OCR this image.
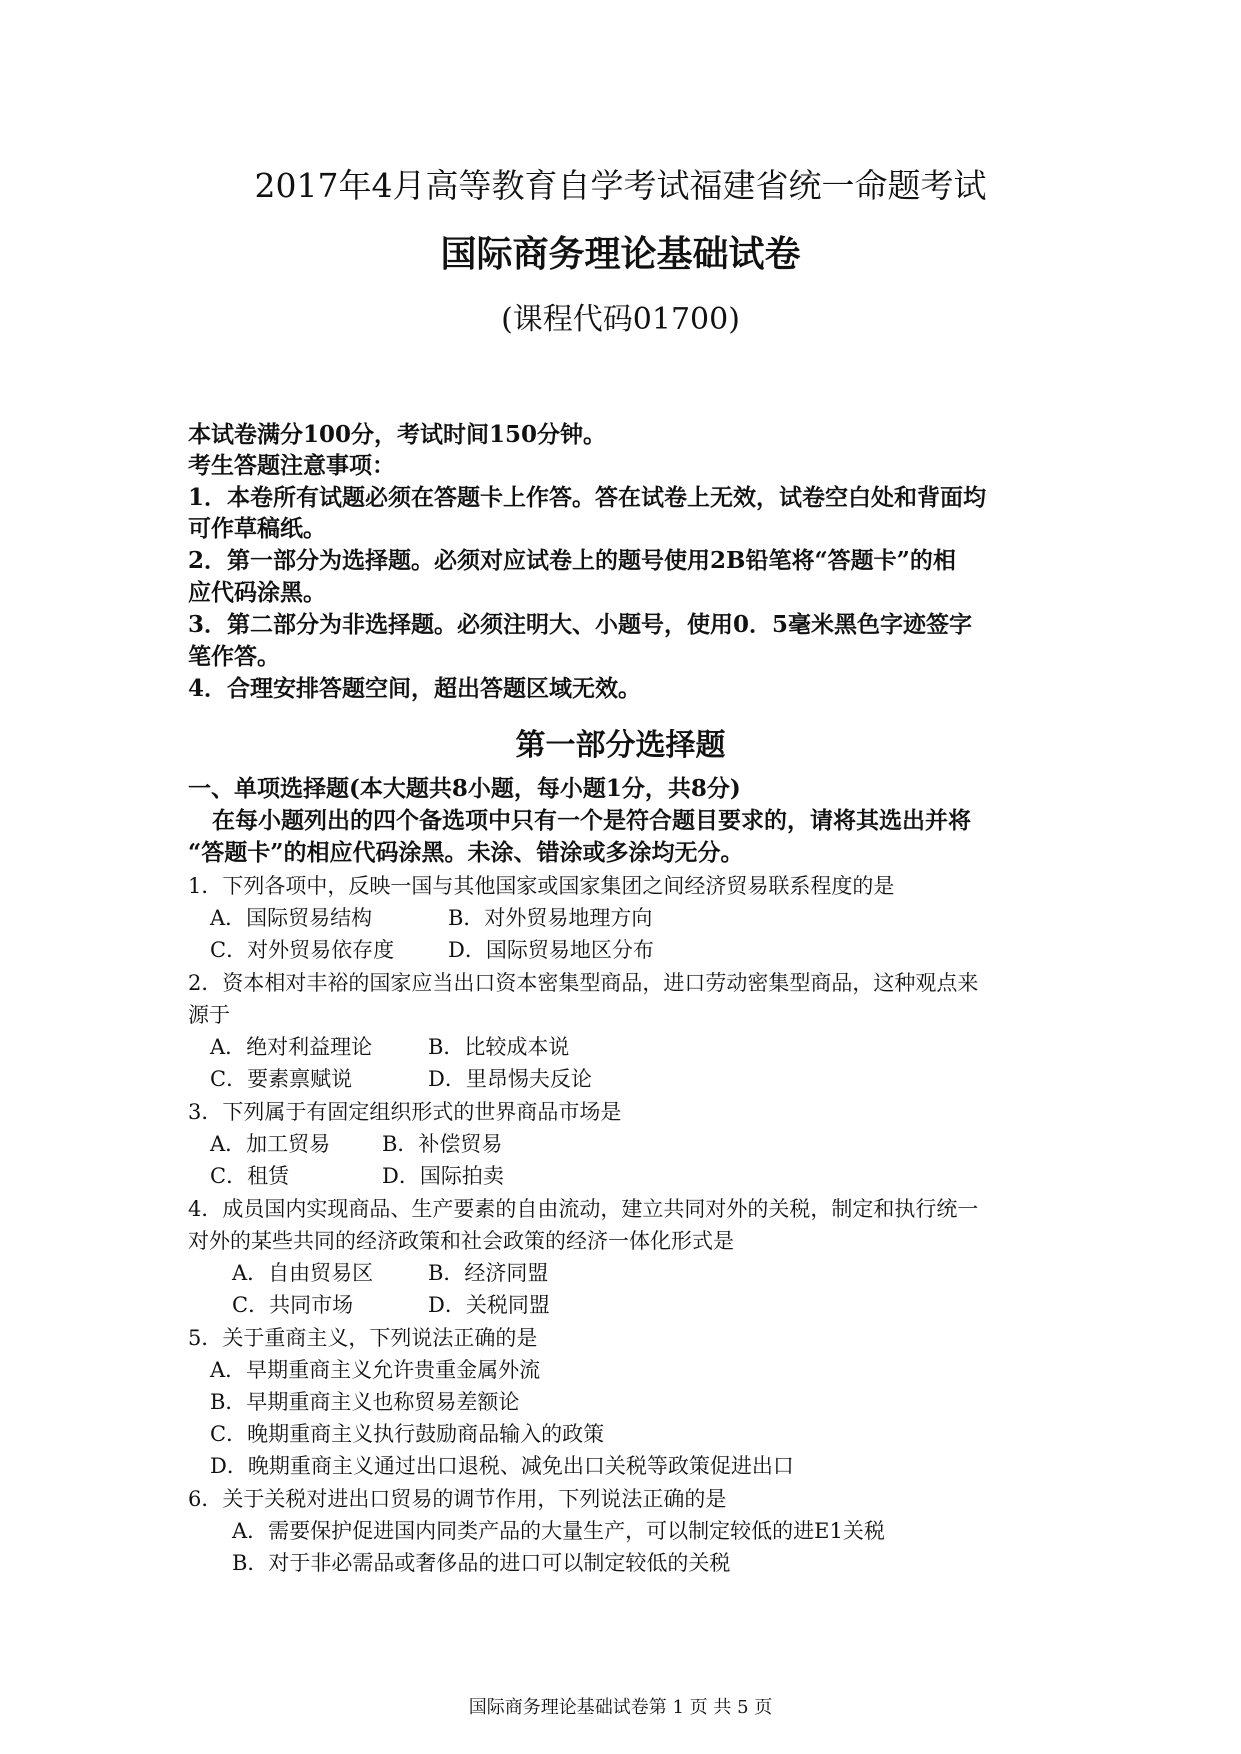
2017年4月高等教育自学考试福建省统一命题考试
国际商务理论基础试卷
(课程代码01700)
本试卷满分100分，考试时间150分钟。
考生答题注意事项：
1．本卷所有试题必须在答题卡上作答。答在试卷上无效，试卷空白处和背面均
可作草稿纸。
2．第一部分为选择题。必须对应试卷上的题号使用2B铅笔将“答题卡”的相
应代码涂黑。
3．第二部分为非选择题。必须注明大、小题号，使用0．5毫米黑色字迹签字
笔作答。
4．合理安排答题空间，超出答题区域无效。
第一部分选择题
一、单项选择题(本大题共8小题，每小题1分，共8分)
在每小题列出的四个备选项中只有一个是符合题目要求的，请将其选出并将
“答题卡”的相应代码涂黑。未涂、错涂或多涂均无分。
1．下列各项中，反映一国与其他国家或国家集团之间经济贸易联系程度的是
A．国际贸易结构	B．对外贸易地理方向
C．对外贸易依存度	D．国际贸易地区分布
2．资本相对丰裕的国家应当出口资本密集型商品，进口劳动密集型商品，这种观点来
源于
A．绝对利益理论	B．比较成本说
C．要素禀赋说	D．里昂惕夫反论
3．下列属于有固定组织形式的世界商品市场是
A．加工贸易 B．补偿贸易
C．租赁	D．国际拍卖
4．成员国内实现商品、生产要素的自由流动，建立共同对外的关税，制定和执行统一
对外的某些共同的经济政策和社会政策的经济一体化形式是
A．自由贸易区	B．经济同盟
C．共同市场	D．关税同盟
5．关于重商主义，下列说法正确的是
A．早期重商主义允许贵重金属外流
B．早期重商主义也称贸易差额论
C．晚期重商主义执行鼓励商品输入的政策
D．晚期重商主义通过出口退税、减免出口关税等政策促进出口
6．关于关税对进出口贸易的调节作用，下列说法正确的是
A．需要保护促进国内同类产品的大量生产，可以制定较低的进E1关税
B．对于非必需品或奢侈品的进口可以制定较低的关税
国际商务理论基础试卷第 1 页 共 5 页
